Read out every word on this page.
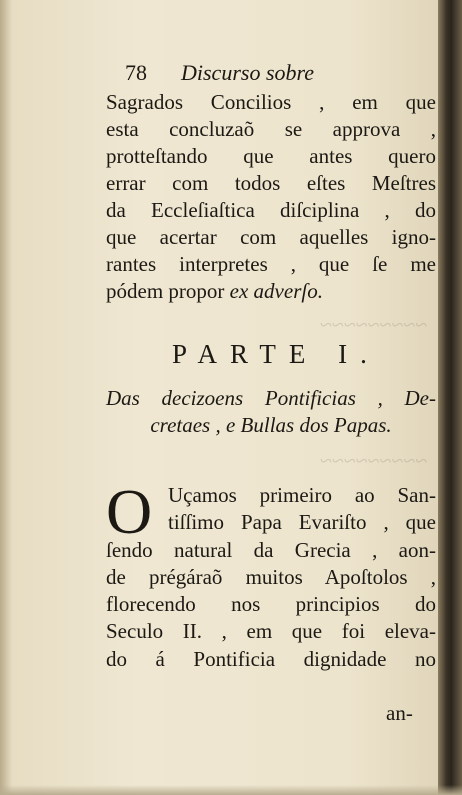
~~~~~~~~~
~~~~~~~~~
78 Discurso sobre
Sagrados Concilios , em que
esta concluzaõ se approva ,
protteſtando que antes quero
errar com todos eſtes Meſtres
da Eccleſiaſtica diſciplina , do
que acertar com aquelles igno-
rantes interpretes , que ſe me
pódem propor ex adverſo.
PARTE I.
Das decizoens Pontificias , De-
cretaes , e Bullas dos Papas.
O Uçamos primeiro ao San-
tiſſimo Papa Evariſto , que
ſendo natural da Grecia , aon-
de prégáraõ muitos Apoſtolos ,
florecendo nos principios do
Seculo II. , em que foi eleva-
do á Pontificia dignidade no
an-
